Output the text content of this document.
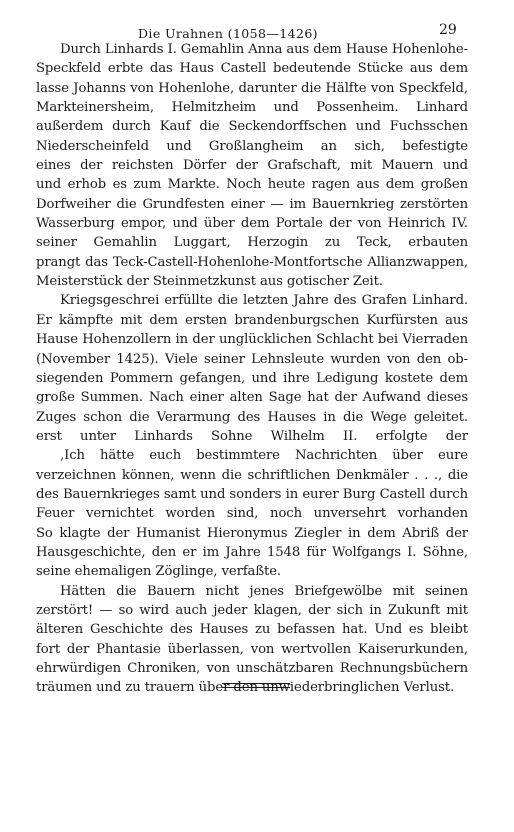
Die Urahnen (1058—1426)	29
Durch Linhards I. Gemahlin Anna aus dem Hause Hohenlohe-
Speckfeld erbte das Haus Castell bedeutende Stücke aus dem
lasse Johanns von Hohenlohe, darunter die Hälfte von Speckfeld,
Markteinersheim, Helmitzheim und Possenheim. Linhard
außerdem durch Kauf die Seckendorffschen und Fuchsschen
Niederscheinfeld und Großlangheim an sich, befestigte
eines der reichsten Dörfer der Grafschaft, mit Mauern und
und erhob es zum Markte. Noch heute ragen aus dem großen
Dorfweiher die Grundfesten einer — im Bauernkrieg zerstörten
Wasserburg empor, und über dem Portale der von Heinrich IV.
seiner Gemahlin Luggart, Herzogin zu Teck, erbauten
prangt das Teck-Castell-Hohenlohe-Montfortsche Allianzwappen,
Meisterstück der Steinmetzkunst aus gotischer Zeit.
Kriegsgeschrei erfüllte die letzten Jahre des Grafen Linhard.
Er kämpfte mit dem ersten brandenburgschen Kurfürsten aus
Hause Hohenzollern in der unglücklichen Schlacht bei Vierraden
(November 1425). Viele seiner Lehnsleute wurden von den ob-
siegenden Pommern gefangen, und ihre Ledigung kostete dem
große Summen. Nach einer alten Sage hat der Aufwand dieses
Zuges schon die Verarmung des Hauses in die Wege geleitet.
erst unter Linhards Sohne Wilhelm II. erfolgte der
‚Ich hätte euch bestimmtere Nachrichten über eure
verzeichnen können, wenn die schriftlichen Denkmäler . . ., die
des Bauernkrieges samt und sonders in eurer Burg Castell durch
Feuer vernichtet worden sind, noch unversehrt vorhanden
So klagte der Humanist Hieronymus Ziegler in dem Abriß der
Hausgeschichte, den er im Jahre 1548 für Wolfgangs I. Söhne,
seine ehemaligen Zöglinge, verfaßte.
Hätten die Bauern nicht jenes Briefgewölbe mit seinen
zerstört! — so wird auch jeder klagen, der sich in Zukunft mit
älteren Geschichte des Hauses zu befassen hat. Und es bleibt
fort der Phantasie überlassen, von wertvollen Kaiserurkunden,
ehrwürdigen Chroniken, von unschätzbaren Rechnungsbüchern
träumen und zu trauern über den unwiederbringlichen Verlust.
